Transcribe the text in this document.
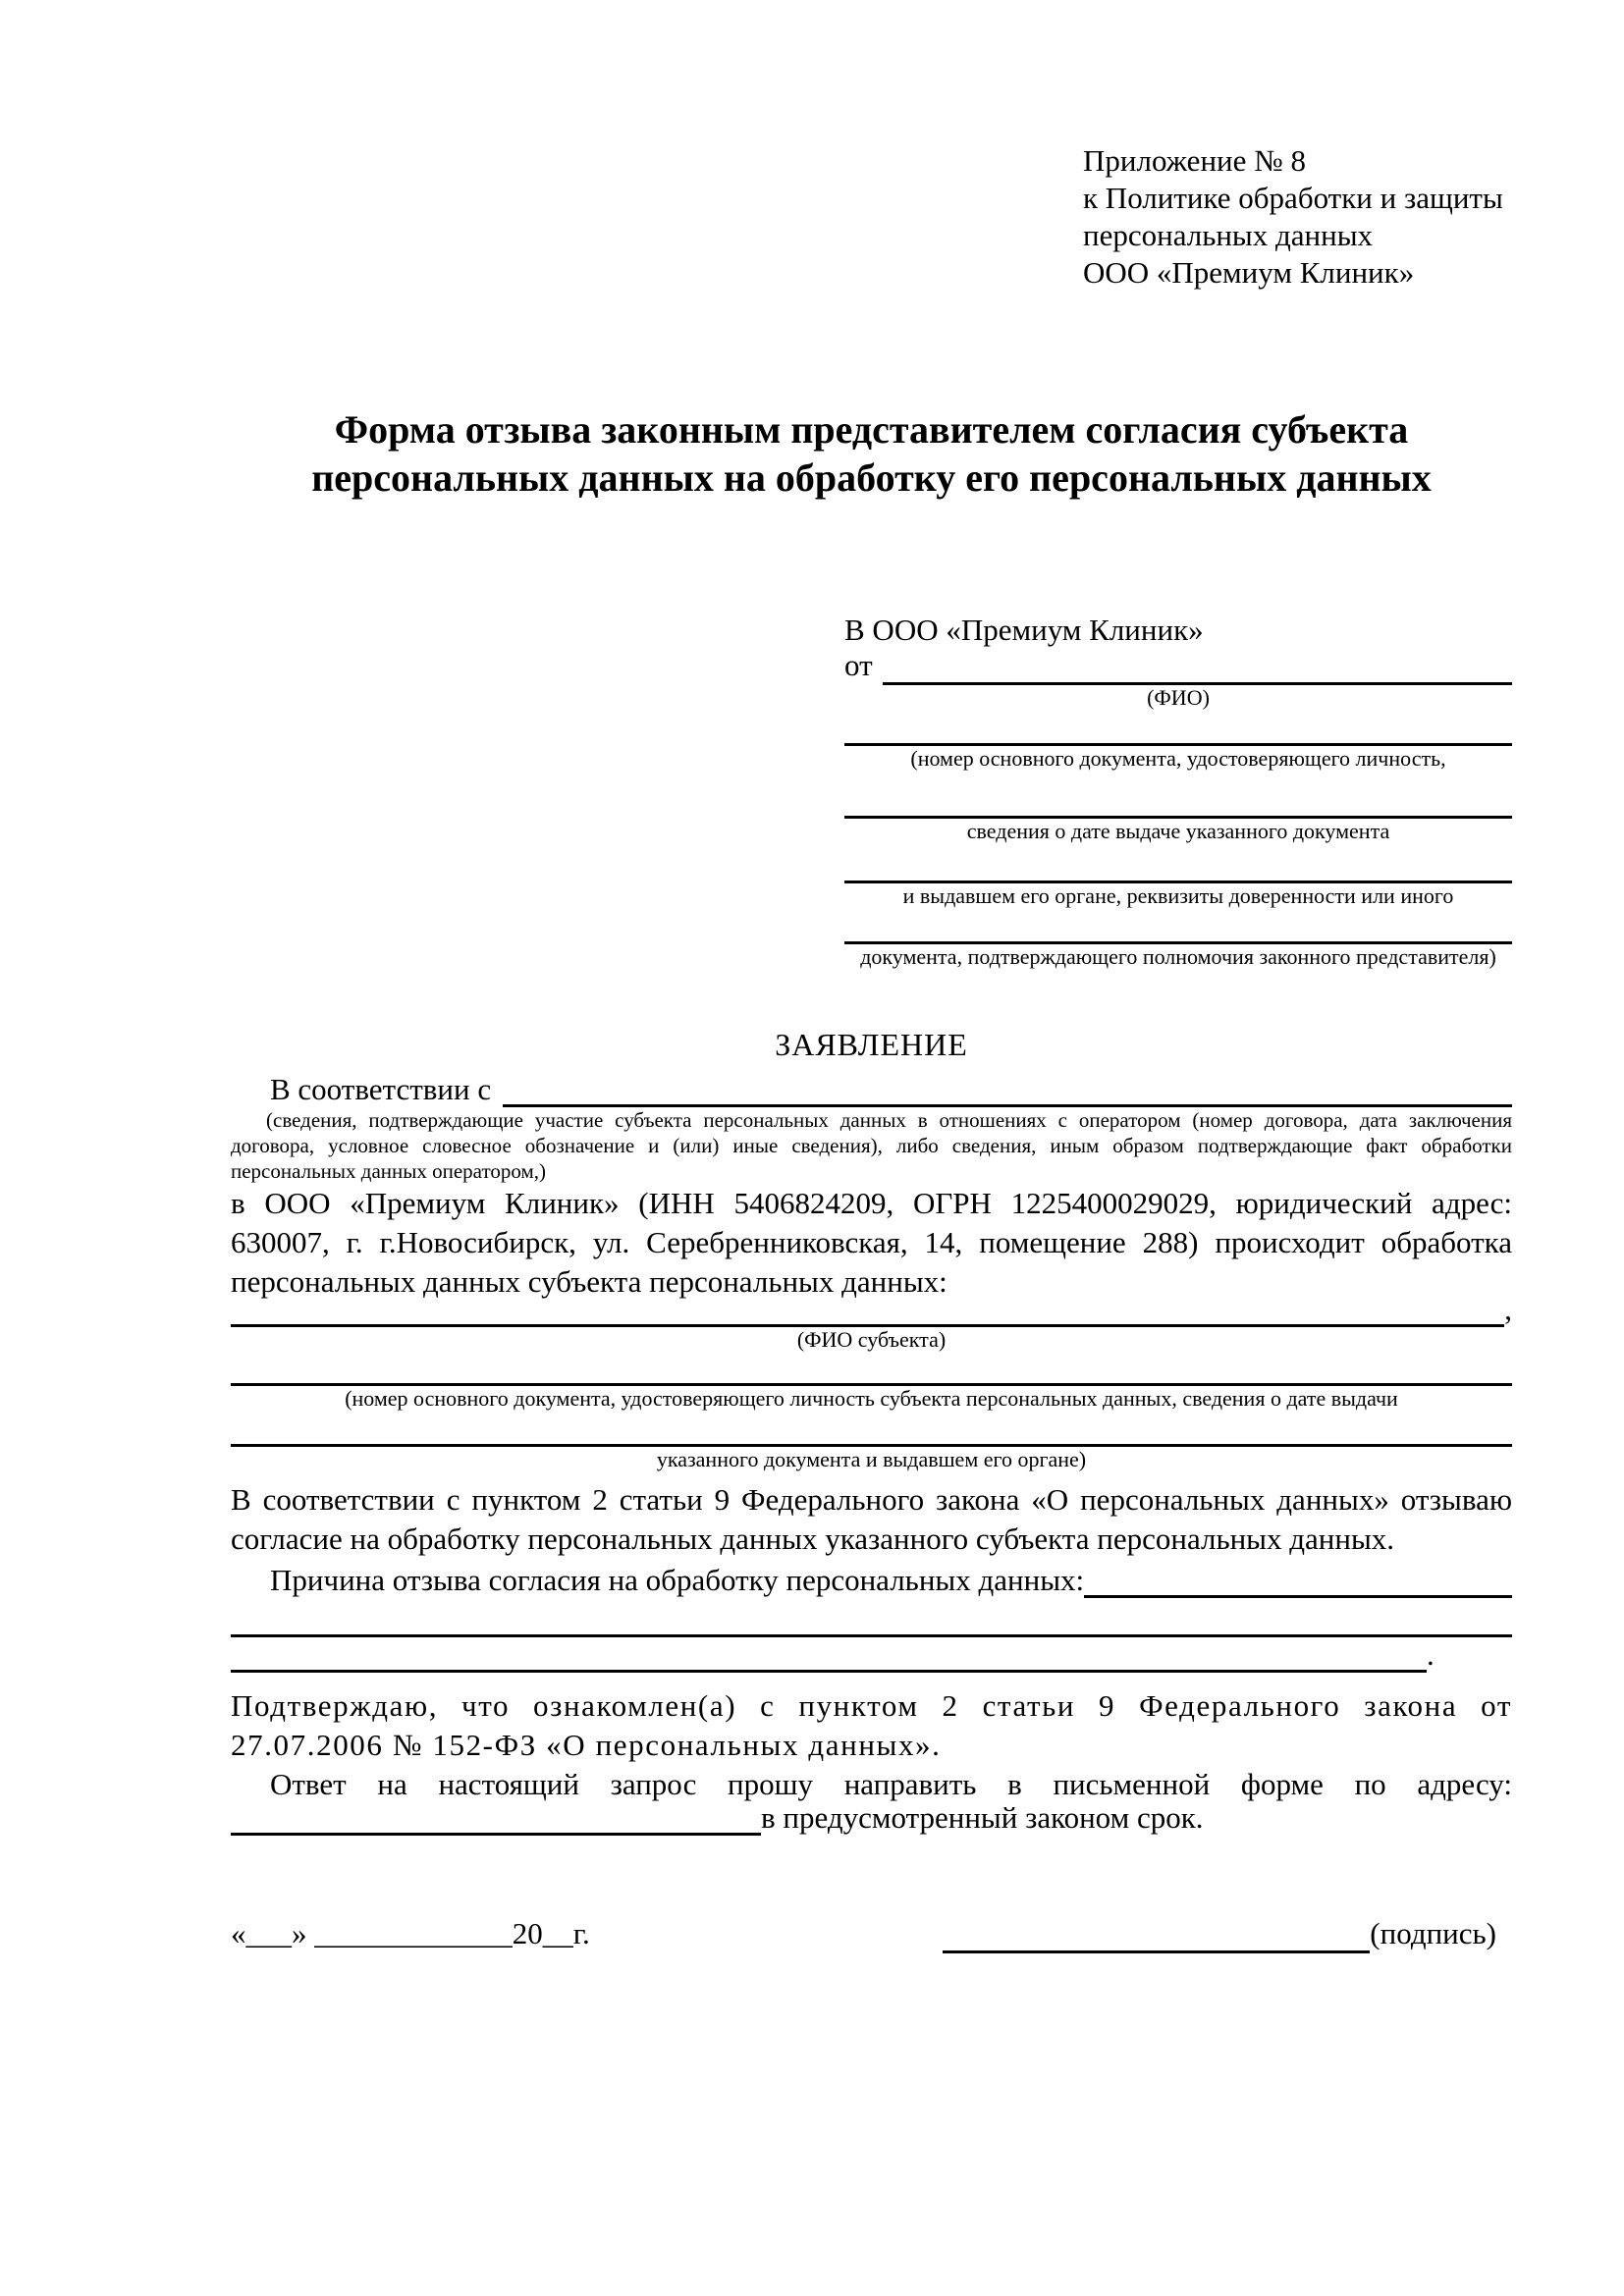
Приложение № 8
к Политике обработки и защиты
персональных данных
ООО «Премиум Клиник»
Форма отзыва законным представителем согласия субъекта персональных данных на обработку его персональных данных
В ООО «Премиум Клиник»
от
(ФИО)
(номер основного документа, удостоверяющего личность,
сведения о дате выдаче указанного документа
и выдавшем его органе, реквизиты доверенности или иного
документа, подтверждающего полномочия законного представителя)
ЗАЯВЛЕНИЕ
В соответствии с
(сведения, подтверждающие участие субъекта персональных данных в отношениях с оператором (номер договора, дата заключения договора, условное словесное обозначение и (или) иные сведения), либо сведения, иным образом подтверждающие факт обработки персональных данных оператором,)
в ООО «Премиум Клиник» (ИНН 5406824209, ОГРН 1225400029029, юридический адрес: 630007, г. г.Новосибирск, ул. Серебренниковская, 14, помещение 288) происходит обработка персональных данных субъекта персональных данных:
,
(ФИО субъекта)
(номер основного документа, удостоверяющего личность субъекта персональных данных, сведения о дате выдачи
указанного документа и выдавшем его органе)
В соответствии с пунктом 2 статьи 9 Федерального закона «О персональных данных» отзываю согласие на обработку персональных данных указанного субъекта персональных данных.
Причина отзыва согласия на обработку персональных данных:
.
Подтверждаю, что ознакомлен(а) с пунктом 2 статьи 9 Федерального закона от 27.07.2006 № 152-ФЗ «О персональных данных».
Ответ на настоящий запрос прошу направить в письменной форме по адресу:
в предусмотренный законом срок.
«___» _____________20__г.	(подпись)
